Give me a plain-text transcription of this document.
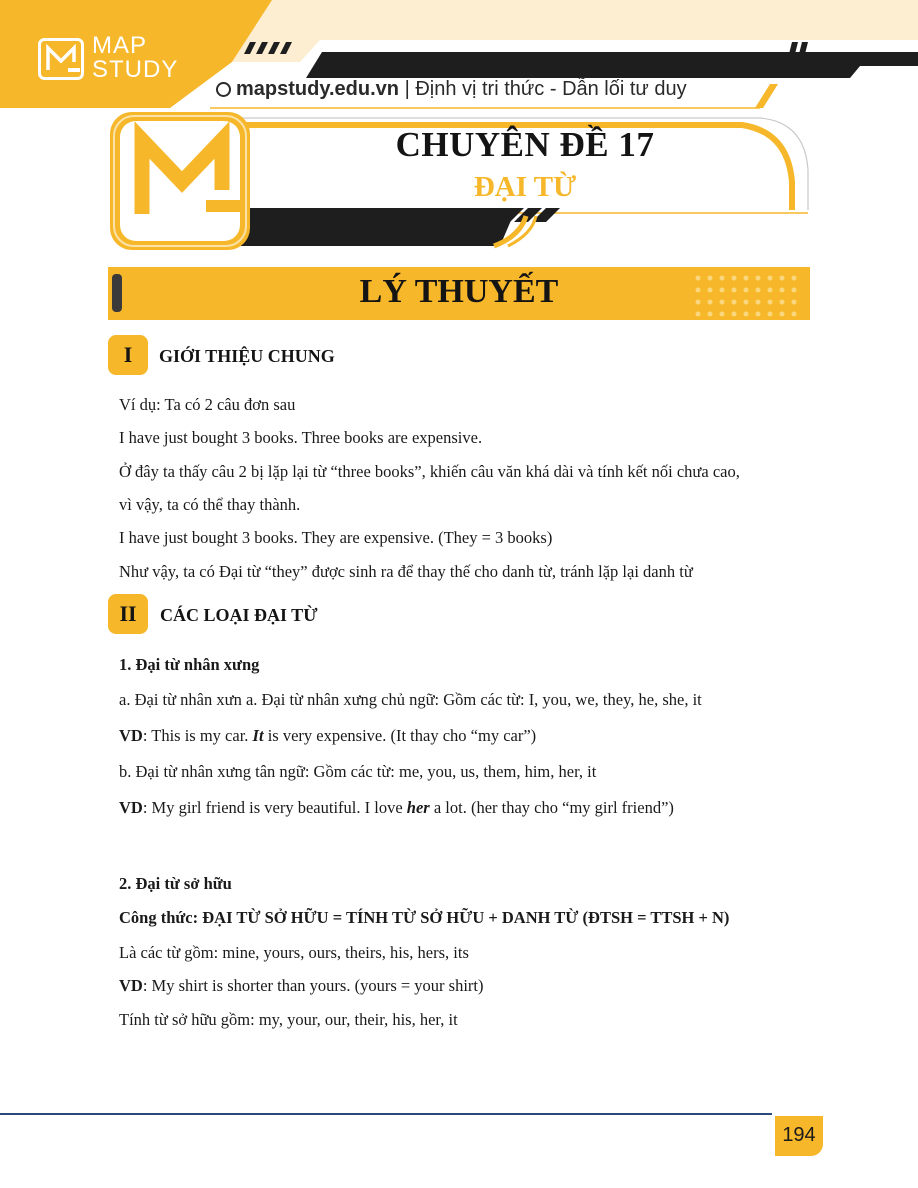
MAP
STUDY
mapstudy.edu.vn | Định vị tri thức - Dẫn lối tư duy
CHUYÊN ĐỀ 17
ĐẠI TỪ
LÝ THUYẾT
I	GIỚI THIỆU CHUNG
Ví dụ: Ta có 2 câu đơn sau
I have just bought 3 books. Three books are expensive.
Ở đây ta thấy câu 2 bị lặp lại từ “three books”, khiến câu văn khá dài và tính kết nối chưa cao,
vì vậy, ta có thể thay thành.
I have just bought 3 books. They are expensive. (They = 3 books)
Như vậy, ta có Đại từ “they” được sinh ra để thay thế cho danh từ, tránh lặp lại danh từ
II	CÁC LOẠI ĐẠI TỪ
1. Đại từ nhân xưng
a. Đại từ nhân xưn a. Đại từ nhân xưng chủ ngữ: Gồm các từ: I, you, we, they, he, she, it
VD: This is my car. It is very expensive. (It thay cho “my car”)
b. Đại từ nhân xưng tân ngữ: Gồm các từ: me, you, us, them, him, her, it
VD: My girl friend is very beautiful. I love her a lot. (her thay cho “my girl friend”)
2. Đại từ sở hữu
Công thức: ĐẠI TỪ SỞ HỮU = TÍNH TỪ SỞ HỮU + DANH TỪ (ĐTSH = TTSH + N)
Là các từ gồm: mine, yours, ours, theirs, his, hers, its
VD: My shirt is shorter than yours. (yours = your shirt)
Tính từ sở hữu gồm: my, your, our, their, his, her, it
194
